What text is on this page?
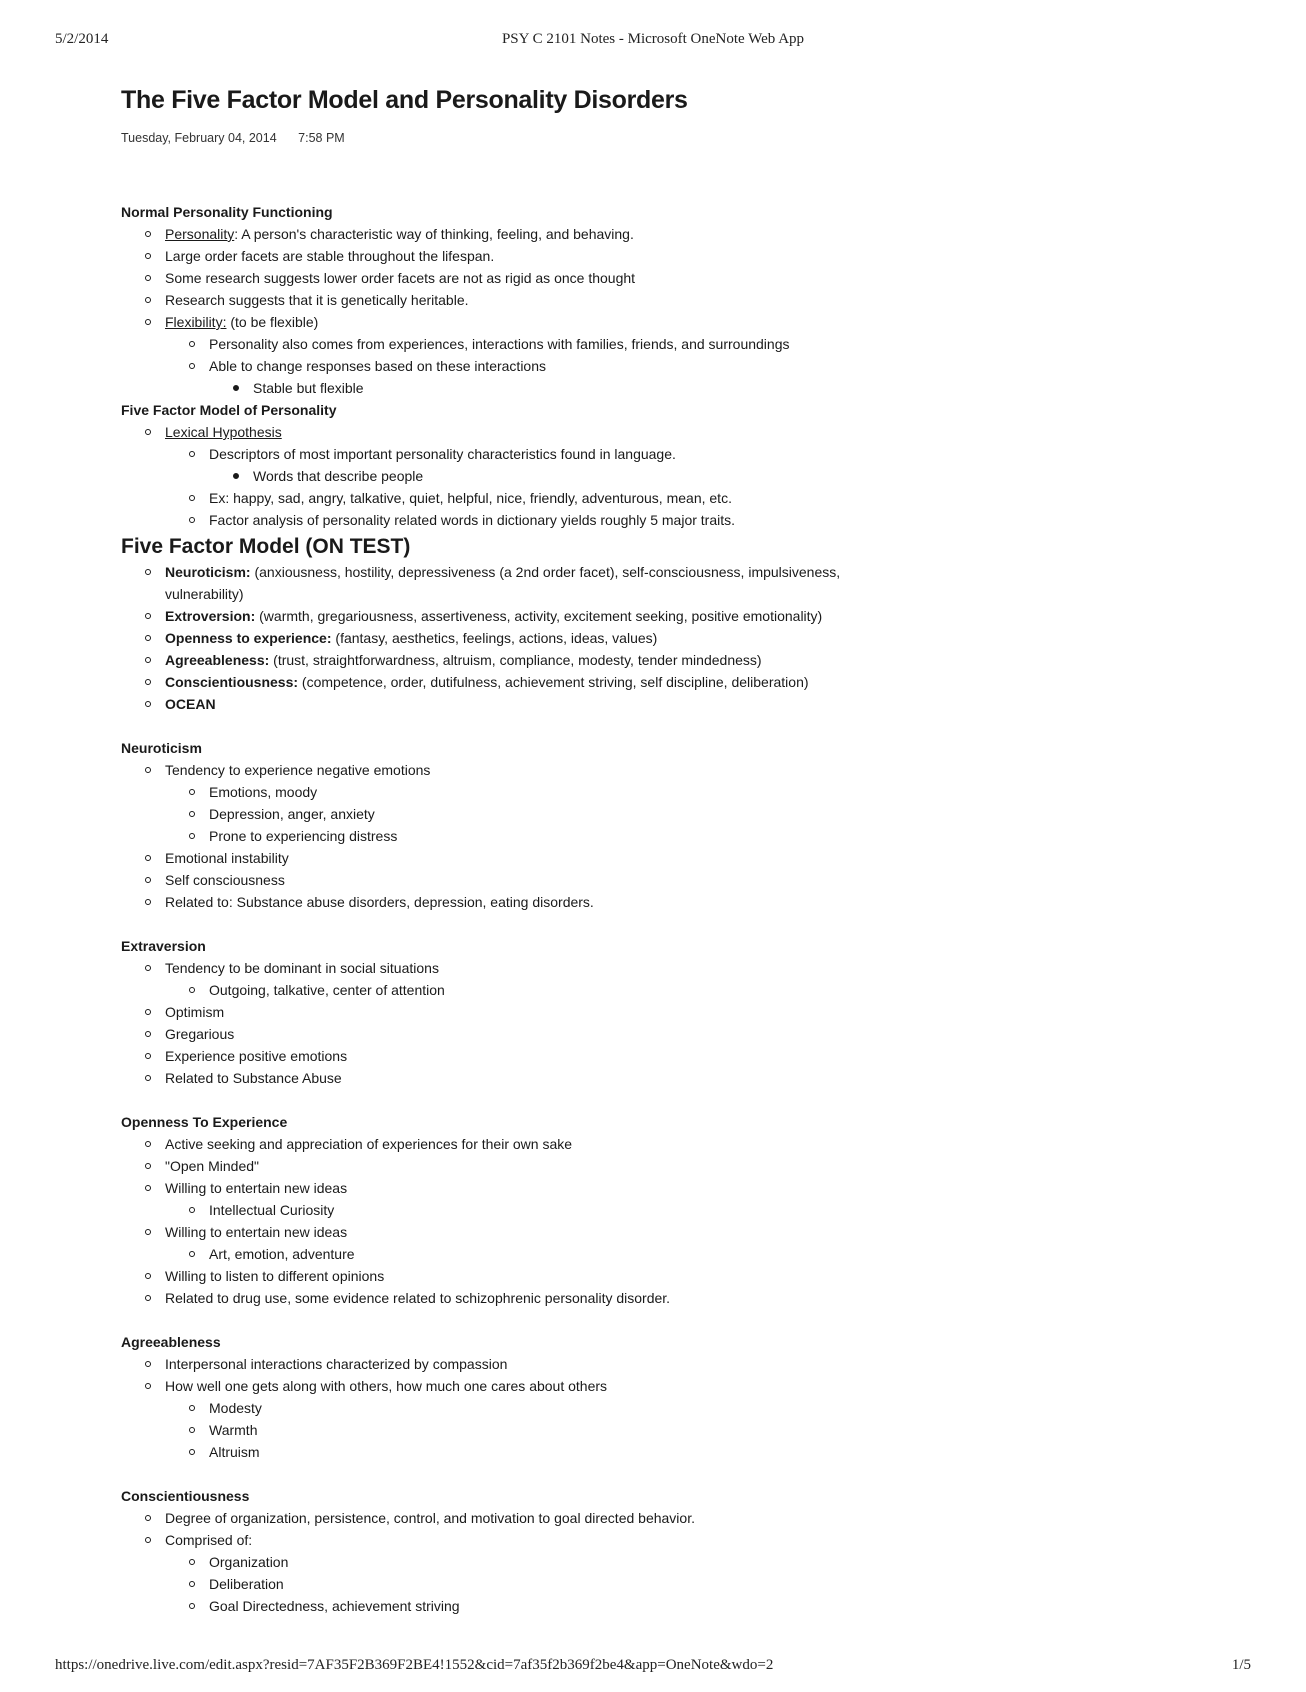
5/2/2014	PSY C 2101 Notes - Microsoft OneNote Web App
The Five Factor Model and Personality Disorders
Tuesday, February 04, 2014 7:58 PM
Normal Personality Functioning
Personality: A person's characteristic way of thinking, feeling, and behaving.
Large order facets are stable throughout the lifespan.
Some research suggests lower order facets are not as rigid as once thought
Research suggests that it is genetically heritable.
Flexibility: (to be flexible)
Personality also comes from experiences, interactions with families, friends, and surroundings
Able to change responses based on these interactions
Stable but flexible
Five Factor Model of Personality
Lexical Hypothesis
Descriptors of most important personality characteristics found in language.
Words that describe people
Ex: happy, sad, angry, talkative, quiet, helpful, nice, friendly, adventurous, mean, etc.
Factor analysis of personality related words in dictionary yields roughly 5 major traits.
Five Factor Model (ON TEST)
Neuroticism: (anxiousness, hostility, depressiveness (a 2nd order facet), self-consciousness, impulsiveness,
vulnerability)
Extroversion: (warmth, gregariousness, assertiveness, activity, excitement seeking, positive emotionality)
Openness to experience: (fantasy, aesthetics, feelings, actions, ideas, values)
Agreeableness: (trust, straightforwardness, altruism, compliance, modesty, tender mindedness)
Conscientiousness: (competence, order, dutifulness, achievement striving, self discipline, deliberation)
OCEAN
Neuroticism
Tendency to experience negative emotions
Emotions, moody
Depression, anger, anxiety
Prone to experiencing distress
Emotional instability
Self consciousness
Related to: Substance abuse disorders, depression, eating disorders.
Extraversion
Tendency to be dominant in social situations
Outgoing, talkative, center of attention
Optimism
Gregarious
Experience positive emotions
Related to Substance Abuse
Openness To Experience
Active seeking and appreciation of experiences for their own sake
"Open Minded"
Willing to entertain new ideas
Intellectual Curiosity
Willing to entertain new ideas
Art, emotion, adventure
Willing to listen to different opinions
Related to drug use, some evidence related to schizophrenic personality disorder.
Agreeableness
Interpersonal interactions characterized by compassion
How well one gets along with others, how much one cares about others
Modesty
Warmth
Altruism
Conscientiousness
Degree of organization, persistence, control, and motivation to goal directed behavior.
Comprised of:
Organization
Deliberation
Goal Directedness, achievement striving
https://onedrive.live.com/edit.aspx?resid=7AF35F2B369F2BE4!1552&cid=7af35f2b369f2be4&app=OneNote&wdo=2	1/5
